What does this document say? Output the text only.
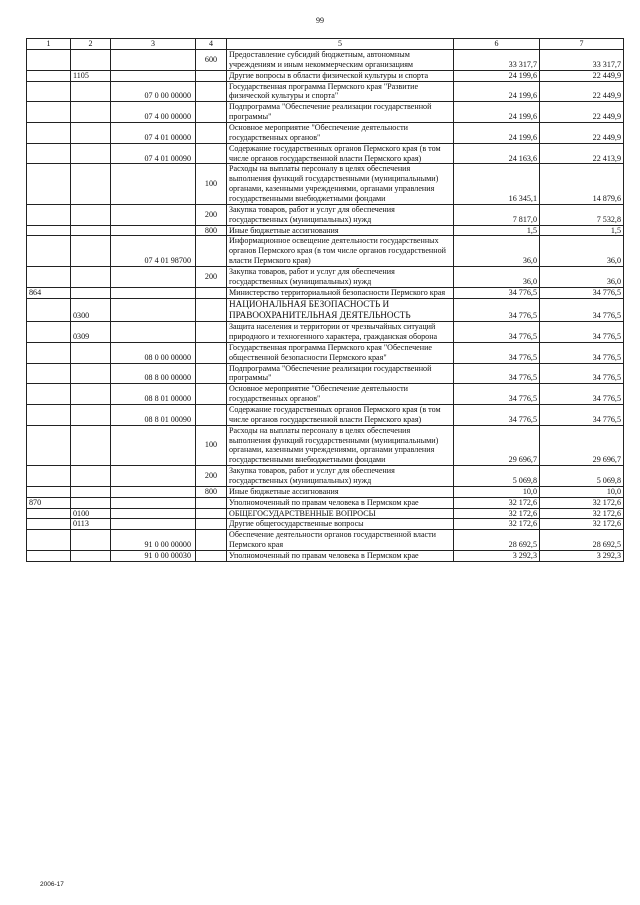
99
1	2	3	4	5	6	7
			600	Предоставление субсидий бюджетным, автономным учреждениям и иным некоммерческим организациям	33 317,7	33 317,7
	1105			Другие вопросы в области физической культуры и спорта	24 199,6	22 449,9
		07 0 00 00000		Государственная программа Пермского края "Развитие физической культуры и спорта"	24 199,6	22 449,9
		07 4 00 00000		Подпрограмма "Обеспечение реализации государственной программы"	24 199,6	22 449,9
		07 4 01 00000		Основное мероприятие "Обеспечение деятельности государственных органов"	24 199,6	22 449,9
		07 4 01 00090		Содержание государственных органов Пермского края (в том числе органов государственной власти Пермского края)	24 163,6	22 413,9
			100	Расходы на выплаты персоналу в целях обеспечения выполнения функций государственными (муниципальными) органами, казенными учреждениями, органами управления государственными внебюджетными фондами	16 345,1	14 879,6
			200	Закупка товаров, работ и услуг для обеспечения государственных (муниципальных) нужд	7 817,0	7 532,8
			800	Иные бюджетные ассигнования	1,5	1,5
		07 4 01 98700		Информационное освещение деятельности государственных органов Пермского края (в том числе органов государственной власти Пермского края)	36,0	36,0
			200	Закупка товаров, работ и услуг для обеспечения государственных (муниципальных) нужд	36,0	36,0
864				Министерство территориальной безопасности Пермского края	34 776,5	34 776,5
	0300			НАЦИОНАЛЬНАЯ БЕЗОПАСНОСТЬ И ПРАВООХРАНИТЕЛЬНАЯ ДЕЯТЕЛЬНОСТЬ	34 776,5	34 776,5
	0309			Защита населения и территории от чрезвычайных ситуаций природного и техногенного характера, гражданская оборона	34 776,5	34 776,5
		08 0 00 00000		Государственная программа Пермского края "Обеспечение общественной безопасности Пермского края"	34 776,5	34 776,5
		08 8 00 00000		Подпрограмма "Обеспечение реализации государственной программы"	34 776,5	34 776,5
		08 8 01 00000		Основное мероприятие "Обеспечение деятельности государственных органов"	34 776,5	34 776,5
		08 8 01 00090		Содержание государственных органов Пермского края (в том числе органов государственной власти Пермского края)	34 776,5	34 776,5
			100	Расходы на выплаты персоналу в целях обеспечения выполнения функций государственными (муниципальными) органами, казенными учреждениями, органами управления государственными внебюджетными фондами	29 696,7	29 696,7
			200	Закупка товаров, работ и услуг для обеспечения государственных (муниципальных) нужд	5 069,8	5 069,8
			800	Иные бюджетные ассигнования	10,0	10,0
870				Уполномоченный по правам человека в Пермском крае	32 172,6	32 172,6
	0100			ОБЩЕГОСУДАРСТВЕННЫЕ ВОПРОСЫ	32 172,6	32 172,6
	0113			Другие общегосударственные вопросы	32 172,6	32 172,6
		91 0 00 00000		Обеспечение деятельности органов государственной власти Пермского края	28 692,5	28 692,5
		91 0 00 00030		Уполномоченный по правам человека в Пермском крае	3 292,3	3 292,3
2006-17
